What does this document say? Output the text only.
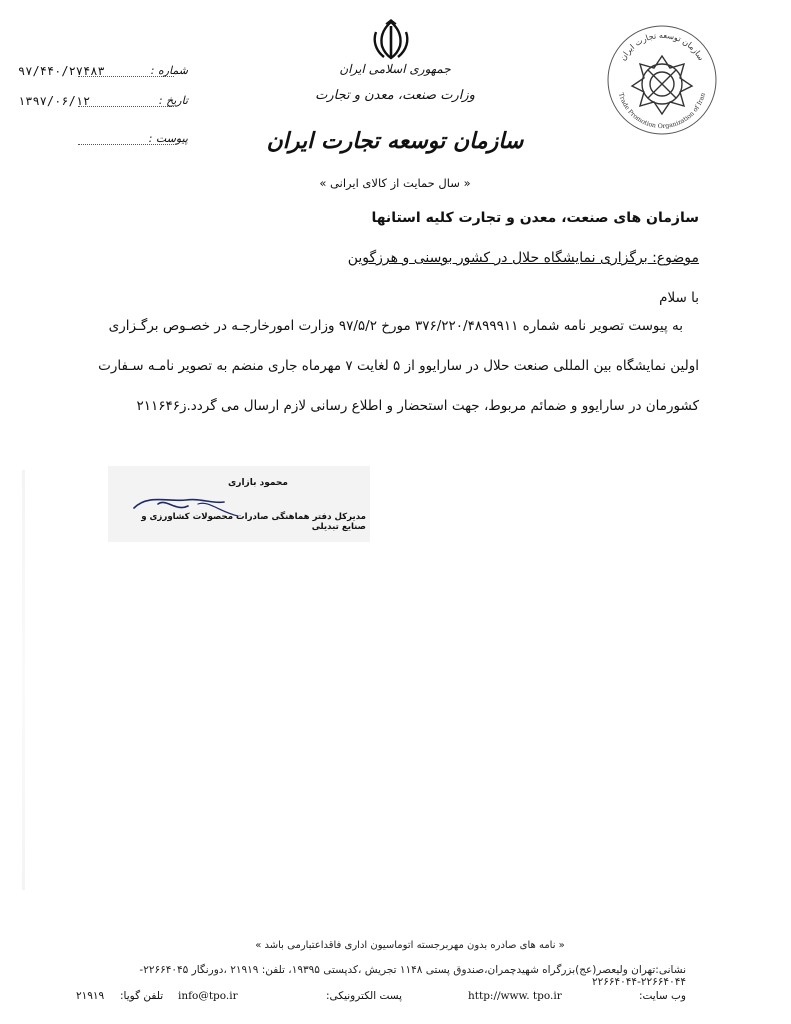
۹۷/۴۴۰/۲۷۴۸۳	شماره :
۱۳۹۷/۰۶/۱۲	تاریخ :
پیوست :
جمهوری اسلامی ایران
وزارت صنعت، معدن و تجارت
سازمان توسعه تجارت ایران
« سال حمایت از کالای ایرانی »
سازمان توسعه تجارت ایران
Trade Promotion Organization of Iran
سازمان های صنعت، معدن و تجارت کلیه استانها
موضوع: برگزاری نمایشگاه حلال در کشور بوسنی و هرزگوین
با سلام
به پیوست تصویر نامه شماره ۳۷۶/۲۲۰/۴۸۹۹۹۱۱ مورخ ۹۷/۵/۲ وزارت امورخارجـه در خصـوص برگـزاری
اولین نمایشگاه بین المللی صنعت حلال در سارایوو از ۵ لغایت ۷ مهرماه جاری منضم به تصویر نامـه سـفارت
کشورمان در سارایوو و ضمائم مربوط، جهت استحضار و اطلاع رسانی لازم ارسال می گردد.ز۲۱۱۶۴۶
محمود بازاری
مدیرکل دفتر هماهنگی صادرات محصولات کشاورزی و صنایع تبدیلی
« نامه های صادره بدون مهربرجسته اتوماسیون اداری فاقداعتبارمی باشد »
نشانی:تهران ولیعصر(عج)بزرگراه شهیدچمران،صندوق پستی ۱۱۴۸ تجریش ،کدپستی ۱۹۳۹۵، تلفن: ۲۱۹۱۹ ،دورنگار ۲۲۶۶۴۰۴۵- ۲۲۶۶۴۰۴۴-۲۲۶۶۴۰۴۴
وب سایت:
http://www. tpo.ir
پست الکترونیکی:
info@tpo.ir
تلفن گویا:
۲۱۹۱۹
